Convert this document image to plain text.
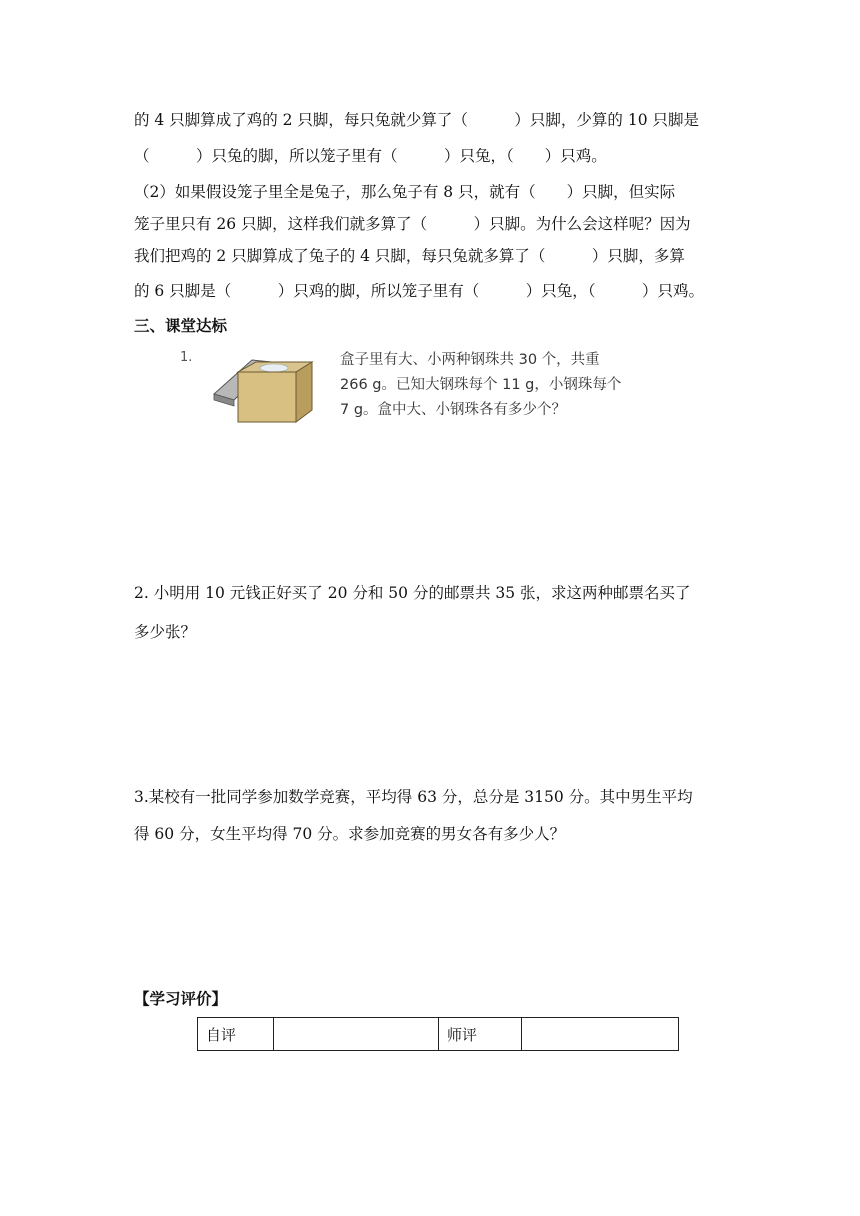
的 4 只脚算成了鸡的 2 只脚，每只兔就少算了（　　　）只脚，少算的 10 只脚是
（　　　）只兔的脚，所以笼子里有（　　　）只兔，（　　）只鸡。
（2）如果假设笼子里全是兔子，那么兔子有 8 只，就有（　　）只脚，但实际
笼子里只有 26 只脚，这样我们就多算了（　　　）只脚。为什么会这样呢？因为
我们把鸡的 2 只脚算成了兔子的 4 只脚，每只兔就多算了（　　　）只脚，多算
的 6 只脚是（　　　）只鸡的脚，所以笼子里有（　　　）只兔，（　　　）只鸡。
三、课堂达标
1.	盒子里有大、小两种钢珠共 30 个，共重
266 g。已知大钢珠每个 11 g，小钢珠每个
7 g。盒中大、小钢珠各有多少个？
2. 小明用 10 元钱正好买了 20 分和 50 分的邮票共 35 张，求这两种邮票名买了
多少张？
3.某校有一批同学参加数学竞赛，平均得 63 分，总分是 3150 分。其中男生平均
得 60 分，女生平均得 70 分。求参加竞赛的男女各有多少人？
【学习评价】
自评		师评	
